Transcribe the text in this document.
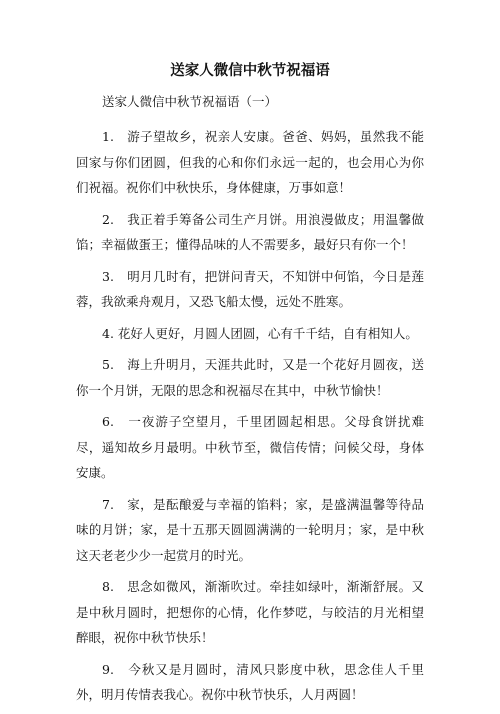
送家人微信中秋节祝福语
送家人微信中秋节祝福语（一）

1.　游子望故乡，祝亲人安康。爸爸、妈妈，虽然我不能回家与你们团圆，但我的心和你们永远一起的，也会用心为你们祝福。祝你们中秋快乐，身体健康，万事如意！

2.　我正着手筹备公司生产月饼。用浪漫做皮；用温馨做馅；幸福做蛋王；懂得品味的人不需要多，最好只有你一个！

3.　明月几时有，把饼问青天，不知饼中何馅，今日是莲蓉，我欲乘舟观月，又恐飞船太慢，远处不胜寒。

4. 花好人更好，月圆人团圆，心有千千结，自有相知人。

5.　海上升明月，天涯共此时，又是一个花好月圆夜，送你一个月饼，无限的思念和祝福尽在其中，中秋节愉快！

6.　一夜游子空望月，千里团圆起相思。父母食饼扰难尽，遥知故乡月最明。中秋节至，微信传情；问候父母，身体安康。

7.　家，是酝酿爱与幸福的馅料；家，是盛满温馨等待品味的月饼；家，是十五那天圆圆满满的一轮明月；家，是中秋这天老老少少一起赏月的时光。

8.　思念如微风，渐渐吹过。牵挂如绿叶，渐渐舒展。又是中秋月圆时，把想你的心情，化作梦呓，与皎洁的月光相望醉眼，祝你中秋节快乐！

9.　今秋又是月圆时，清风只影度中秋，思念佳人千里外，明月传情表我心。祝你中秋节快乐，人月两圆！
